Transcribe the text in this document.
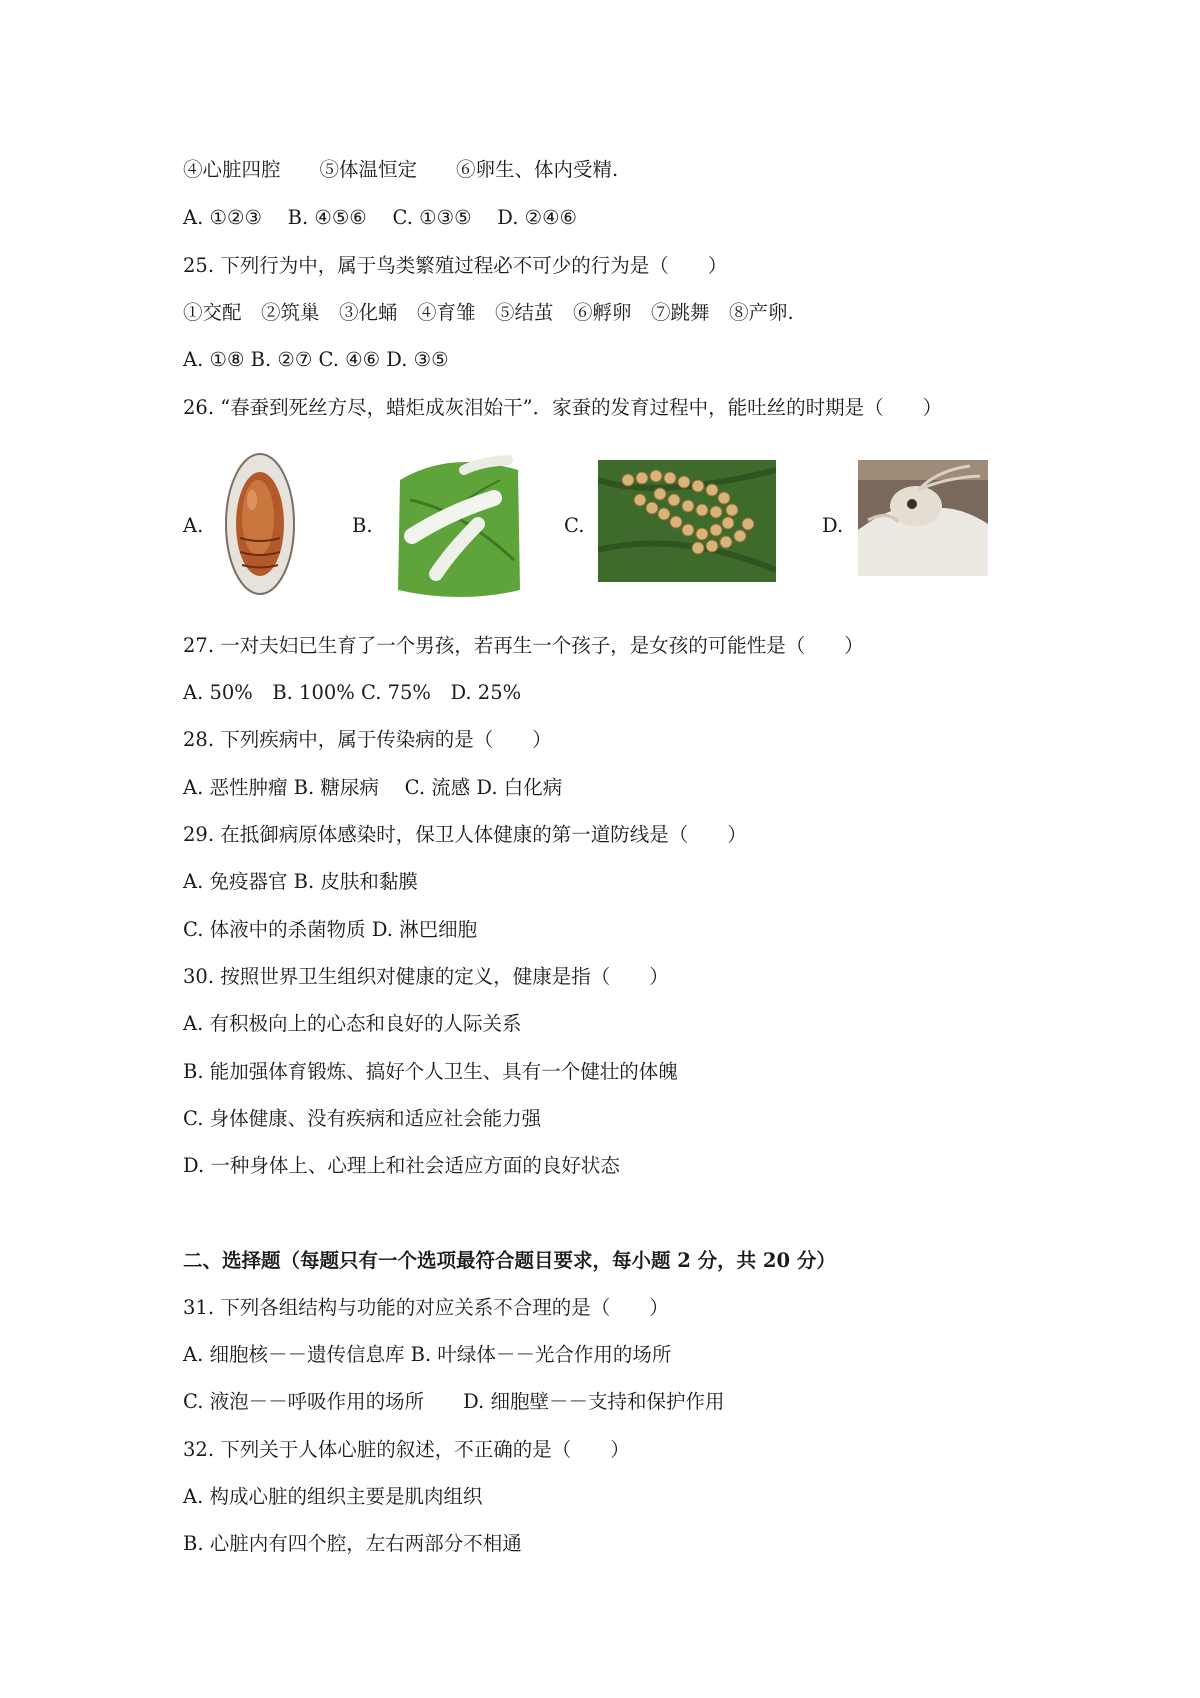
④心脏四腔　　⑤体温恒定　　⑥卵生、体内受精.
A. ①②③　 B. ④⑤⑥　 C. ①③⑤　 D. ②④⑥
25. 下列行为中，属于鸟类繁殖过程必不可少的行为是（　　）
①交配　②筑巢　③化蛹　④育雏　⑤结茧　⑥孵卵　⑦跳舞　⑧产卵.
A. ①⑧ B. ②⑦ C. ④⑥ D. ③⑤
26. “春蚕到死丝方尽，蜡炬成灰泪始干”．家蚕的发育过程中，能吐丝的时期是（　　）
A.	B.	C.	D.
27. 一对夫妇已生育了一个男孩，若再生一个孩子，是女孩的可能性是（　　）
A. 50%　B. 100% C. 75%　D. 25%
28. 下列疾病中，属于传染病的是（　　）
A. 恶性肿瘤 B. 糖尿病　 C. 流感 D. 白化病
29. 在抵御病原体感染时，保卫人体健康的第一道防线是（　　）
A. 免疫器官 B. 皮肤和黏膜
C. 体液中的杀菌物质 D. 淋巴细胞
30. 按照世界卫生组织对健康的定义，健康是指（　　）
A. 有积极向上的心态和良好的人际关系
B. 能加强体育锻炼、搞好个人卫生、具有一个健壮的体魄
C. 身体健康、没有疾病和适应社会能力强
D. 一种身体上、心理上和社会适应方面的良好状态
二、选择题（每题只有一个选项最符合题目要求，每小题 2 分，共 20 分）
31. 下列各组结构与功能的对应关系不合理的是（　　）
A. 细胞核－－遗传信息库 B. 叶绿体－－光合作用的场所
C. 液泡－－呼吸作用的场所　　D. 细胞壁－－支持和保护作用
32. 下列关于人体心脏的叙述，不正确的是（　　）
A. 构成心脏的组织主要是肌肉组织
B. 心脏内有四个腔，左右两部分不相通
